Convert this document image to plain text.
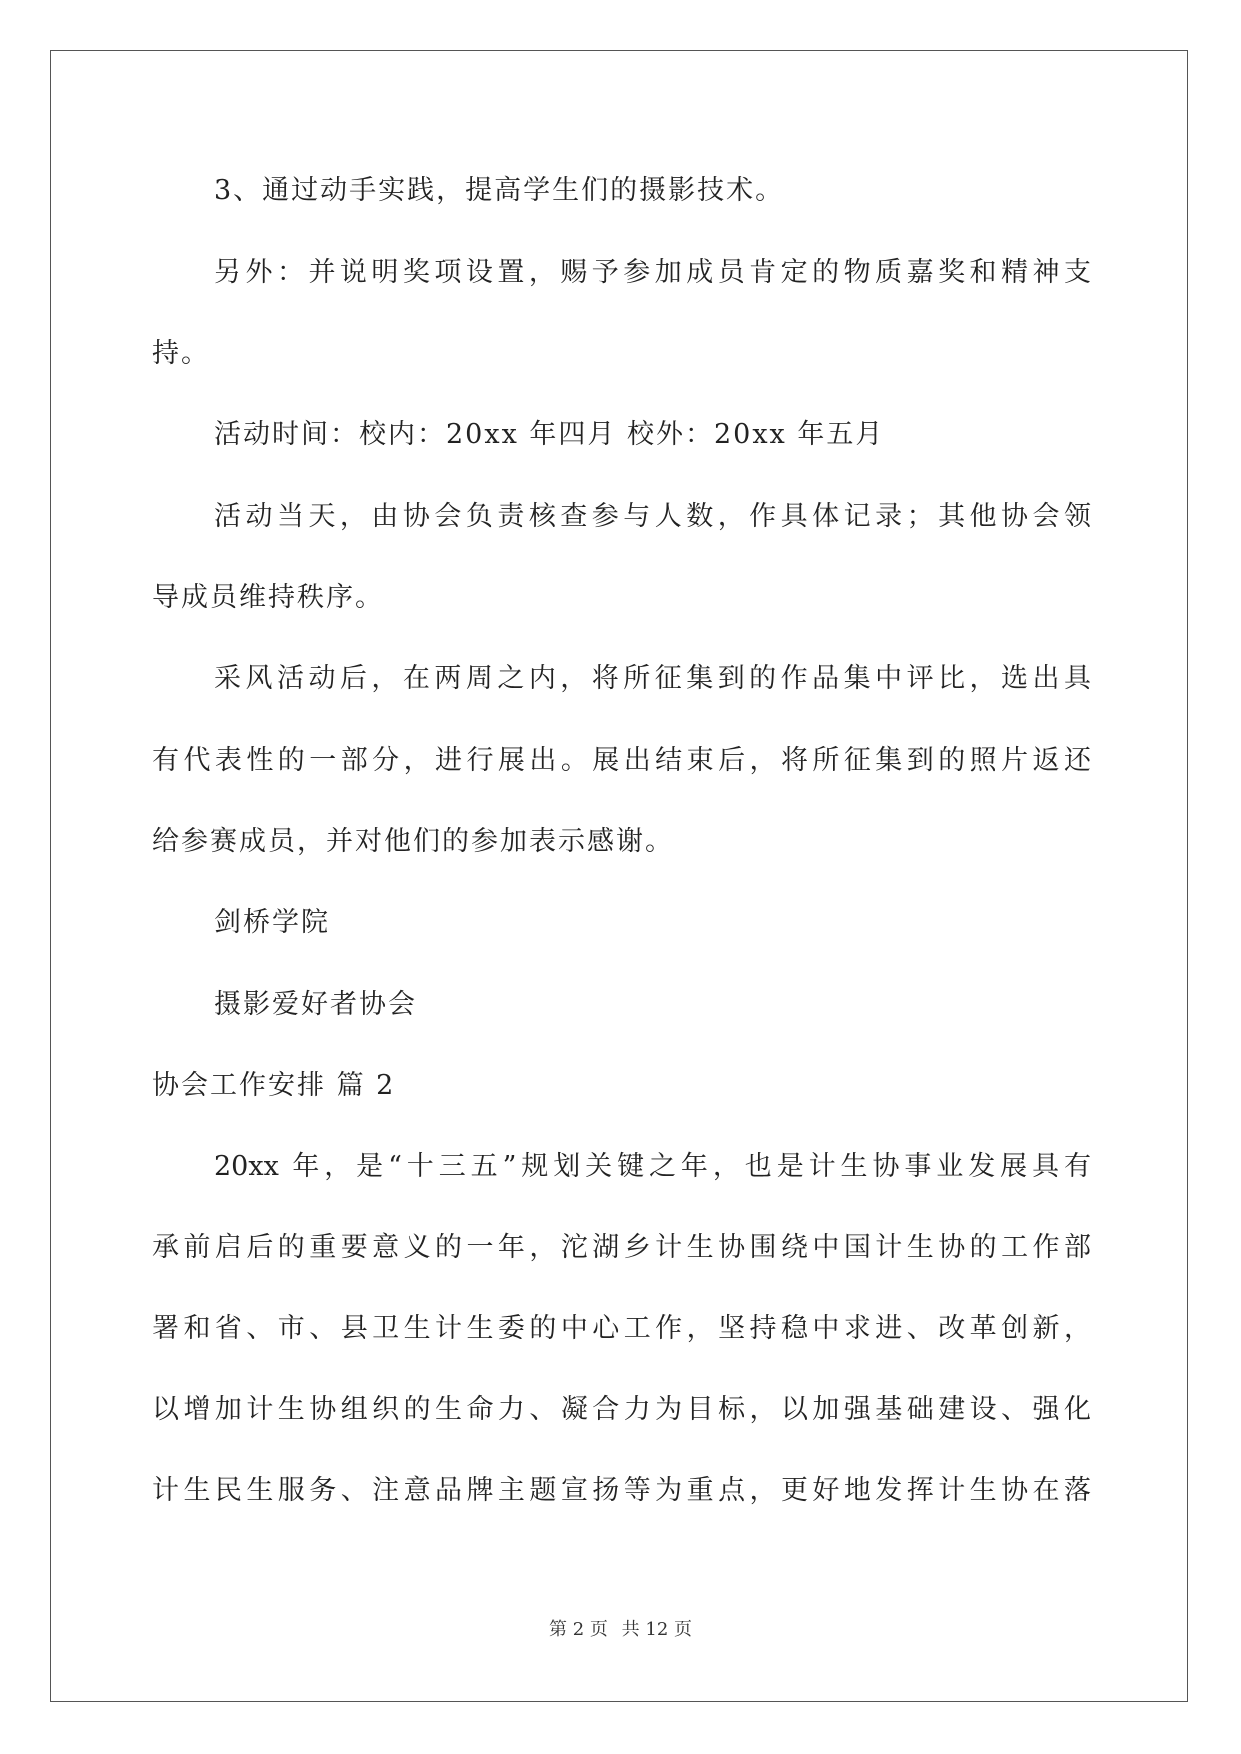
3、通过动手实践，提高学生们的摄影技术。
另外：并说明奖项设置，赐予参加成员肯定的物质嘉奖和精神支
持。
活动时间：校内：20xx 年四月 校外：20xx 年五月
活动当天，由协会负责核查参与人数，作具体记录；其他协会领
导成员维持秩序。
采风活动后，在两周之内，将所征集到的作品集中评比，选出具
有代表性的一部分，进行展出。展出结束后，将所征集到的照片返还
给参赛成员，并对他们的参加表示感谢。
剑桥学院
摄影爱好者协会
协会工作安排 篇 2
20xx 年，是“十三五”规划关键之年，也是计生协事业发展具有
承前启后的重要意义的一年，沱湖乡计生协围绕中国计生协的工作部
署和省、市、县卫生计生委的中心工作，坚持稳中求进、改革创新，
以增加计生协组织的生命力、凝合力为目标，以加强基础建设、强化
计生民生服务、注意品牌主题宣扬等为重点，更好地发挥计生协在落
第 2 页 共 12 页
